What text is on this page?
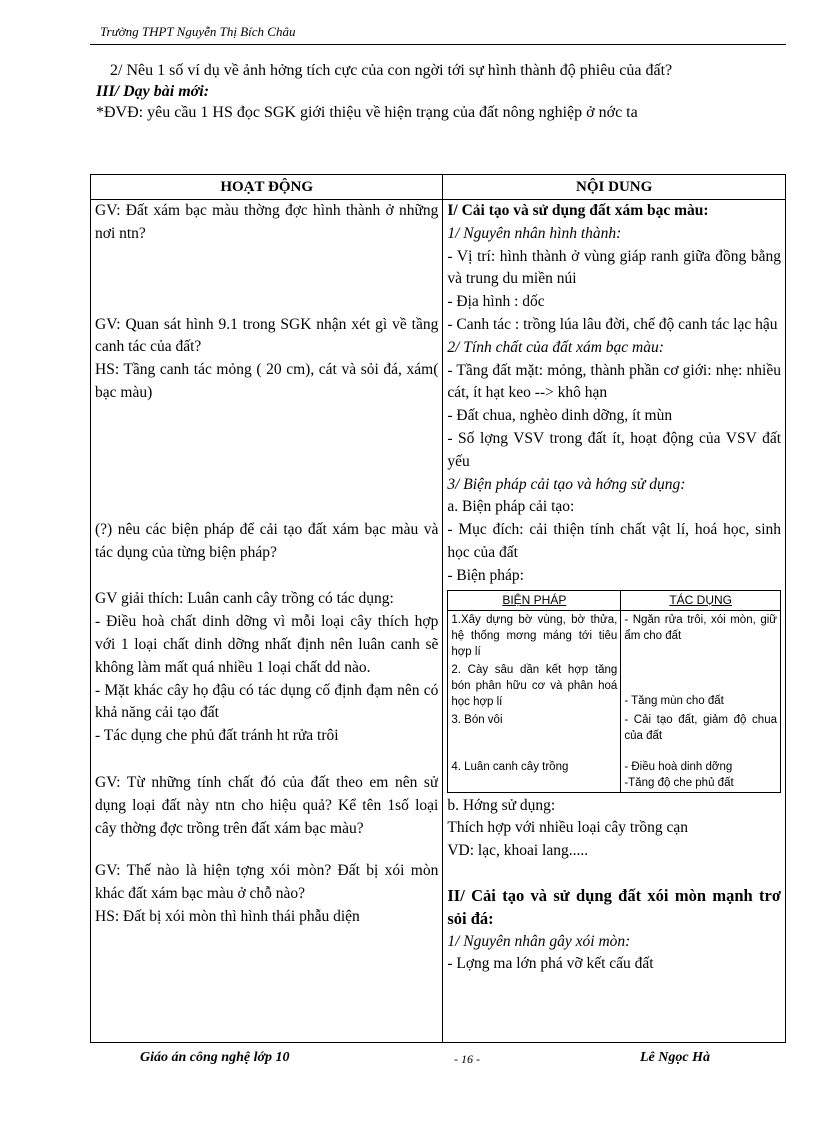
Trường THPT Nguyễn Thị Bích Châu

2/ Nêu 1 số ví dụ về ảnh hởng tích cực của con ngời tới sự hình thành độ phiêu của đất?

III/ Dạy bài mới:

*ĐVĐ: yêu cầu 1 HS đọc SGK giới thiệu về hiện trạng của đất nông nghiệp ở nớc ta

HOẠT ĐỘNG	NỘI DUNG

GV: Đất xám bạc màu thờng đợc hình thành ở những nơi ntn?

GV: Quan sát hình 9.1 trong SGK nhận xét gì về tầng canh tác của đất?

HS: Tầng canh tác mỏng ( 20 cm), cát và sỏi đá, xám( bạc màu)

(?) nêu các biện pháp để cải tạo đất xám bạc màu và tác dụng của từng biện pháp?

GV giải thích: Luân canh cây trồng có tác dụng:

- Điều hoà chất dinh dỡng vì mỗi loại cây thích hợp với 1 loại chất dinh dỡng nhất định nên luân canh sẽ không làm mất quá nhiều 1 loại chất dd nào.

- Mặt khác cây họ đậu có tác dụng cố định đạm nên có khả năng cải tạo đất

- Tác dụng che phủ đất tránh ht rửa trôi

GV: Từ những tính chất đó của đất theo em nên sử dụng loại đất này ntn cho hiệu quả? Kể tên 1số loại cây thờng đợc trồng trên đất xám bạc màu?

GV: Thế nào là hiện tợng xói mòn? Đất bị xói mòn khác đất xám bạc màu ở chỗ nào?

HS: Đất bị xói mòn thì hình thái phẫu diện

I/ Cải tạo và sử dụng đất xám bạc màu:

1/ Nguyên nhân hình thành:

- Vị trí: hình thành ở vùng giáp ranh giữa đồng bằng và trung du miền núi

- Địa hình : dốc

- Canh tác : trồng lúa lâu đời, chế độ canh tác lạc hậu

2/ Tính chất của đất xám bạc màu:

- Tầng đất mặt: mỏng, thành phần cơ giới: nhẹ: nhiều cát, ít hạt keo --> khô hạn

- Đất chua, nghèo dinh dỡng, ít mùn

- Số lợng VSV trong đất ít, hoạt động của VSV đất yếu

3/ Biện pháp cải tạo và hớng sử dụng:

a. Biện pháp cải tạo:

- Mục đích: cải thiện tính chất vật lí, hoá học, sinh học của đất

- Biện pháp:

BIỆN PHÁP	TÁC DỤNG
1.Xây dựng bờ vùng, bờ thửa, hệ thống mơng máng tới tiêu hợp lí	- Ngăn rửa trôi, xói mòn, giữ ẩm cho đất
2. Cày sâu dần kết hợp tăng bón phân hữu cơ và phân hoá học hợp lí	- Tăng mùn cho đất
3. Bón vôi	- Cải tạo đất, giảm độ chua của đất
4. Luân canh cây trồng	- Điều hoà dinh dỡng
-Tăng độ che phủ đất

b. Hớng sử dụng:

Thích hợp với nhiều loại cây trồng cạn

VD: lạc, khoai lang.....

II/ Cải tạo và sử dụng đất xói mòn mạnh trơ sỏi đá:

1/ Nguyên nhân gây xói mòn:

- Lợng ma lớn phá vỡ kết cấu đất

Giáo án công nghệ lớp 10	- 16 -	Lê Ngọc Hà
